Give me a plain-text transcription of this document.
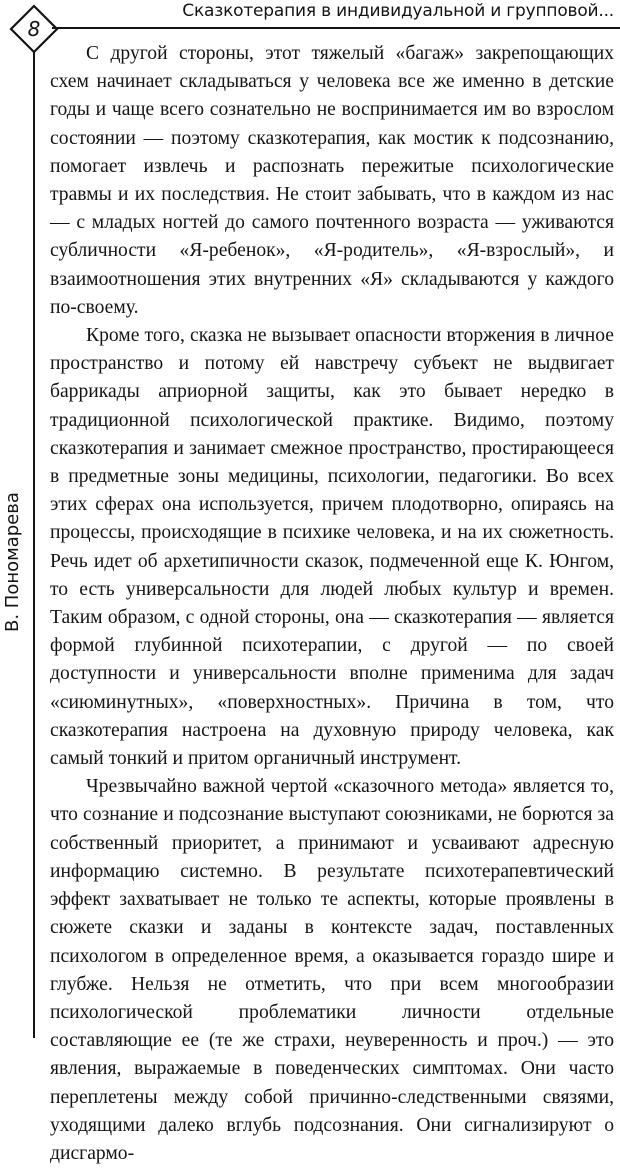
8
Сказкотерапия в индивидуальной и групповой...
В. Пономарева

С другой стороны, этот тяжелый «багаж» закрепощающих схем начинает складываться у человека все же именно в детские годы и чаще всего сознательно не воспринимается им во взрослом состоянии — поэтому сказкотерапия, как мостик к подсознанию, помогает извлечь и распознать пережитые психологические травмы и их последствия. Не стоит забывать, что в каждом из нас — с младых ногтей до самого почтенного возраста — уживаются субличности «Я-ребенок», «Я-родитель», «Я-взрослый», и взаимоотношения этих внутренних «Я» складываются у каждого по-своему.

Кроме того, сказка не вызывает опасности вторжения в личное пространство и потому ей навстречу субъект не выдвигает баррикады априорной защиты, как это бывает нередко в традиционной психологической практике. Видимо, поэтому сказкотерапия и занимает смежное пространство, простирающееся в предметные зоны медицины, психологии, педагогики. Во всех этих сферах она используется, причем плодотворно, опираясь на процессы, происходящие в психике человека, и на их сюжетность. Речь идет об архетипичности сказок, подмеченной еще К. Юнгом, то есть универсальности для людей любых культур и времен. Таким образом, с одной стороны, она — сказкотерапия — является формой глубинной психотерапии, с другой — по своей доступности и универсальности вполне применима для задач «сиюминутных», «поверхностных». Причина в том, что сказкотерапия настроена на духовную природу человека, как самый тонкий и притом органичный инструмент.

Чрезвычайно важной чертой «сказочного метода» является то, что сознание и подсознание выступают союзниками, не борются за собственный приоритет, а принимают и усваивают адресную информацию системно. В результате психотерапевтический эффект захватывает не только те аспекты, которые проявлены в сюжете сказки и заданы в контексте задач, поставленных психологом в определенное время, а оказывается гораздо шире и глубже. Нельзя не отметить, что при всем многообразии психологической проблематики личности отдельные составляющие ее (те же страхи, неуверенность и проч.) — это явления, выражаемые в поведенческих симптомах. Они часто переплетены между собой причинно-следственными связями, уходящими далеко вглубь подсознания. Они сигнализируют о дисгармо-
